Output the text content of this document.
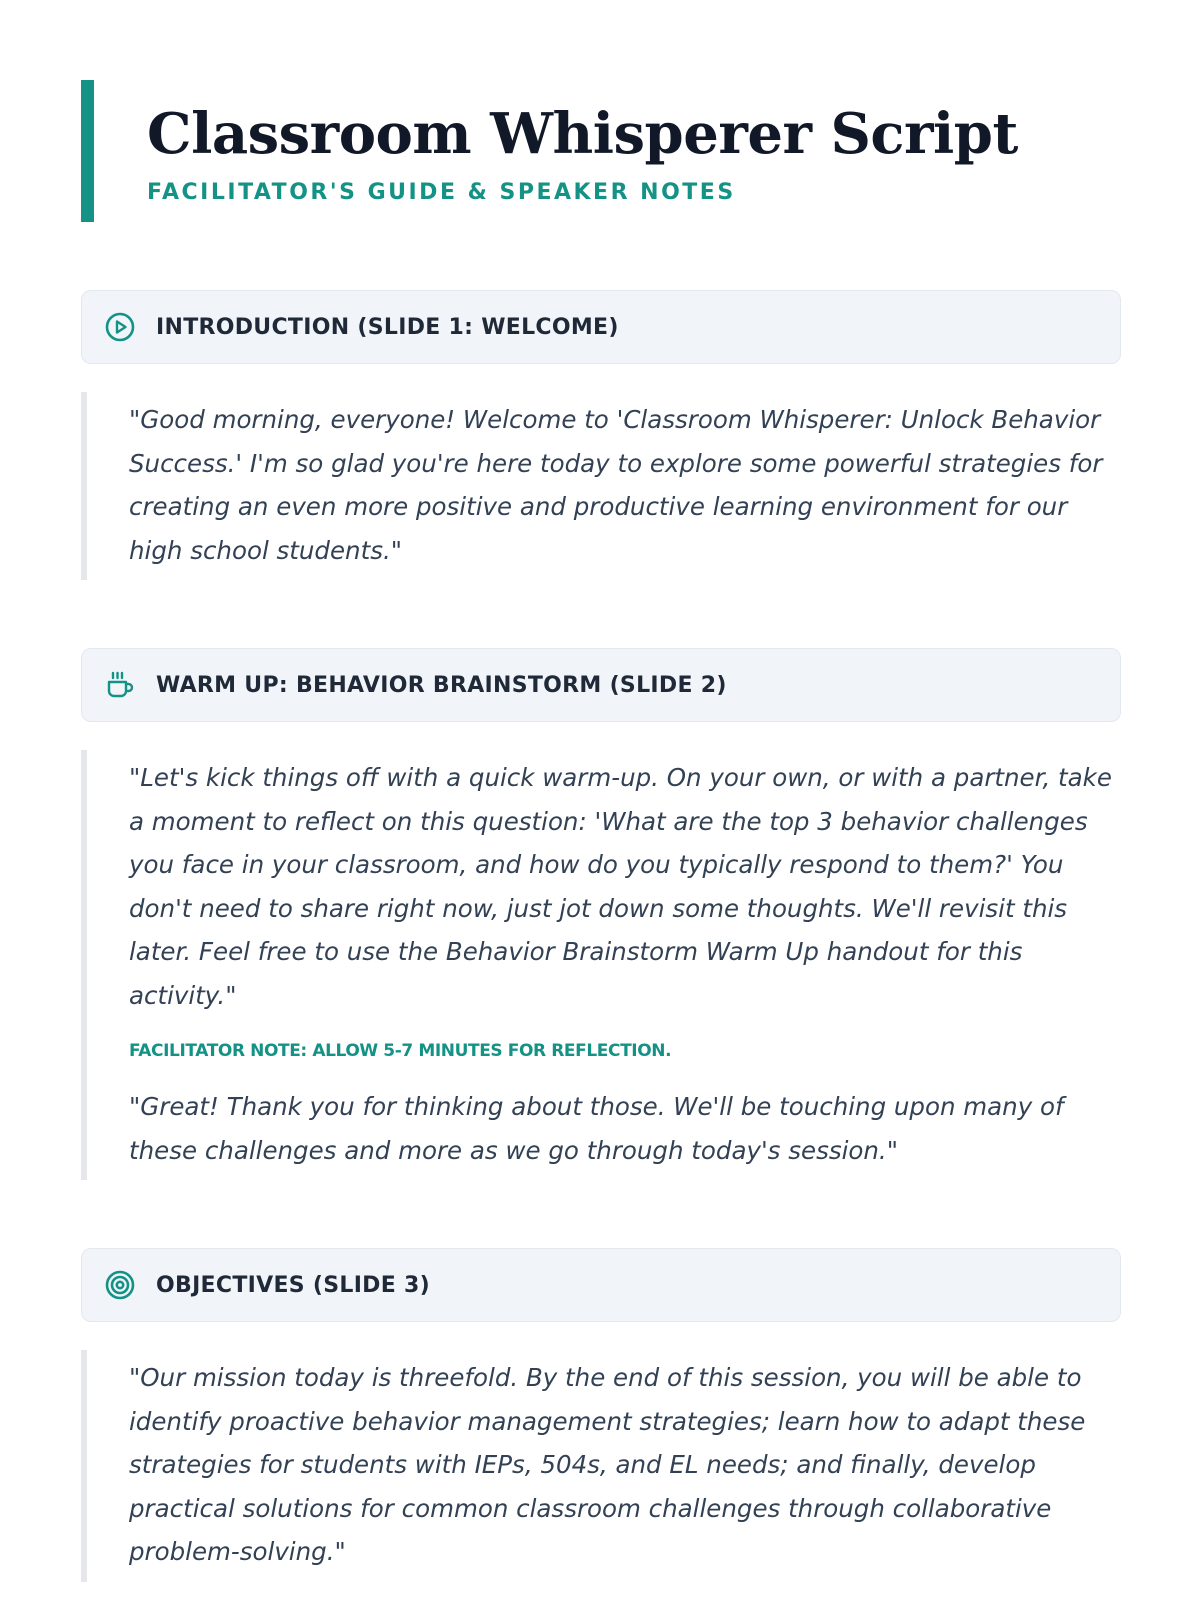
Classroom Whisperer Script
FACILITATOR'S GUIDE & SPEAKER NOTES
INTRODUCTION (SLIDE 1: WELCOME)

"Good morning, everyone! Welcome to 'Classroom Whisperer: Unlock Behavior Success.' I'm so glad you're here today to explore some powerful strategies for creating an even more positive and productive learning environment for our high school students."

WARM UP: BEHAVIOR BRAINSTORM (SLIDE 2)

"Let's kick things off with a quick warm-up. On your own, or with a partner, take a moment to reflect on this question: 'What are the top 3 behavior challenges you face in your classroom, and how do you typically respond to them?' You don't need to share right now, just jot down some thoughts. We'll revisit this later. Feel free to use the Behavior Brainstorm Warm Up handout for this activity."

FACILITATOR NOTE: ALLOW 5-7 MINUTES FOR REFLECTION.

"Great! Thank you for thinking about those. We'll be touching upon many of these challenges and more as we go through today's session."

OBJECTIVES (SLIDE 3)

"Our mission today is threefold. By the end of this session, you will be able to identify proactive behavior management strategies; learn how to adapt these strategies for students with IEPs, 504s, and EL needs; and finally, develop practical solutions for common classroom challenges through collaborative problem-solving."
